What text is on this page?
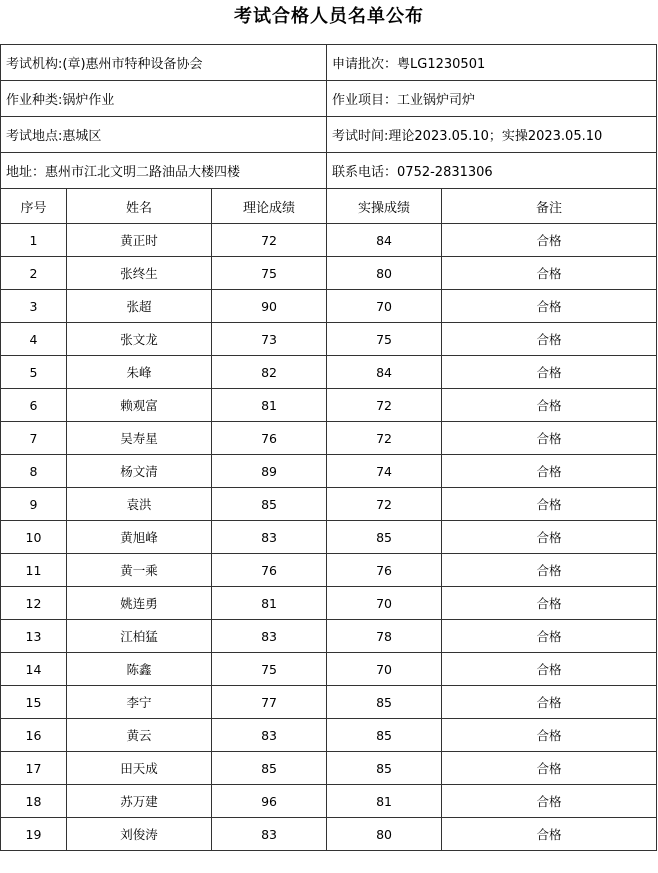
考试合格人员名单公布
考试机构:(章)惠州市特种设备协会			申请批次：粤LG1230501	
作业种类:锅炉作业			作业项目：工业锅炉司炉	
考试地点:惠城区			考试时间:理论2023.05.10；实操2023.05.10	
地址：惠州市江北文明二路油品大楼四楼			联系电话：0752-2831306	
序号	姓名	理论成绩	实操成绩	备注
1	黄正时	72	84	合格
2	张终生	75	80	合格
3	张超	90	70	合格
4	张文龙	73	75	合格
5	朱峰	82	84	合格
6	赖观富	81	72	合格
7	吴寿星	76	72	合格
8	杨文清	89	74	合格
9	袁洪	85	72	合格
10	黄旭峰	83	85	合格
11	黄一乘	76	76	合格
12	姚连勇	81	70	合格
13	江柏猛	83	78	合格
14	陈鑫	75	70	合格
15	李宁	77	85	合格
16	黄云	83	85	合格
17	田天成	85	85	合格
18	苏万建	96	81	合格
19	刘俊涛	83	80	合格
